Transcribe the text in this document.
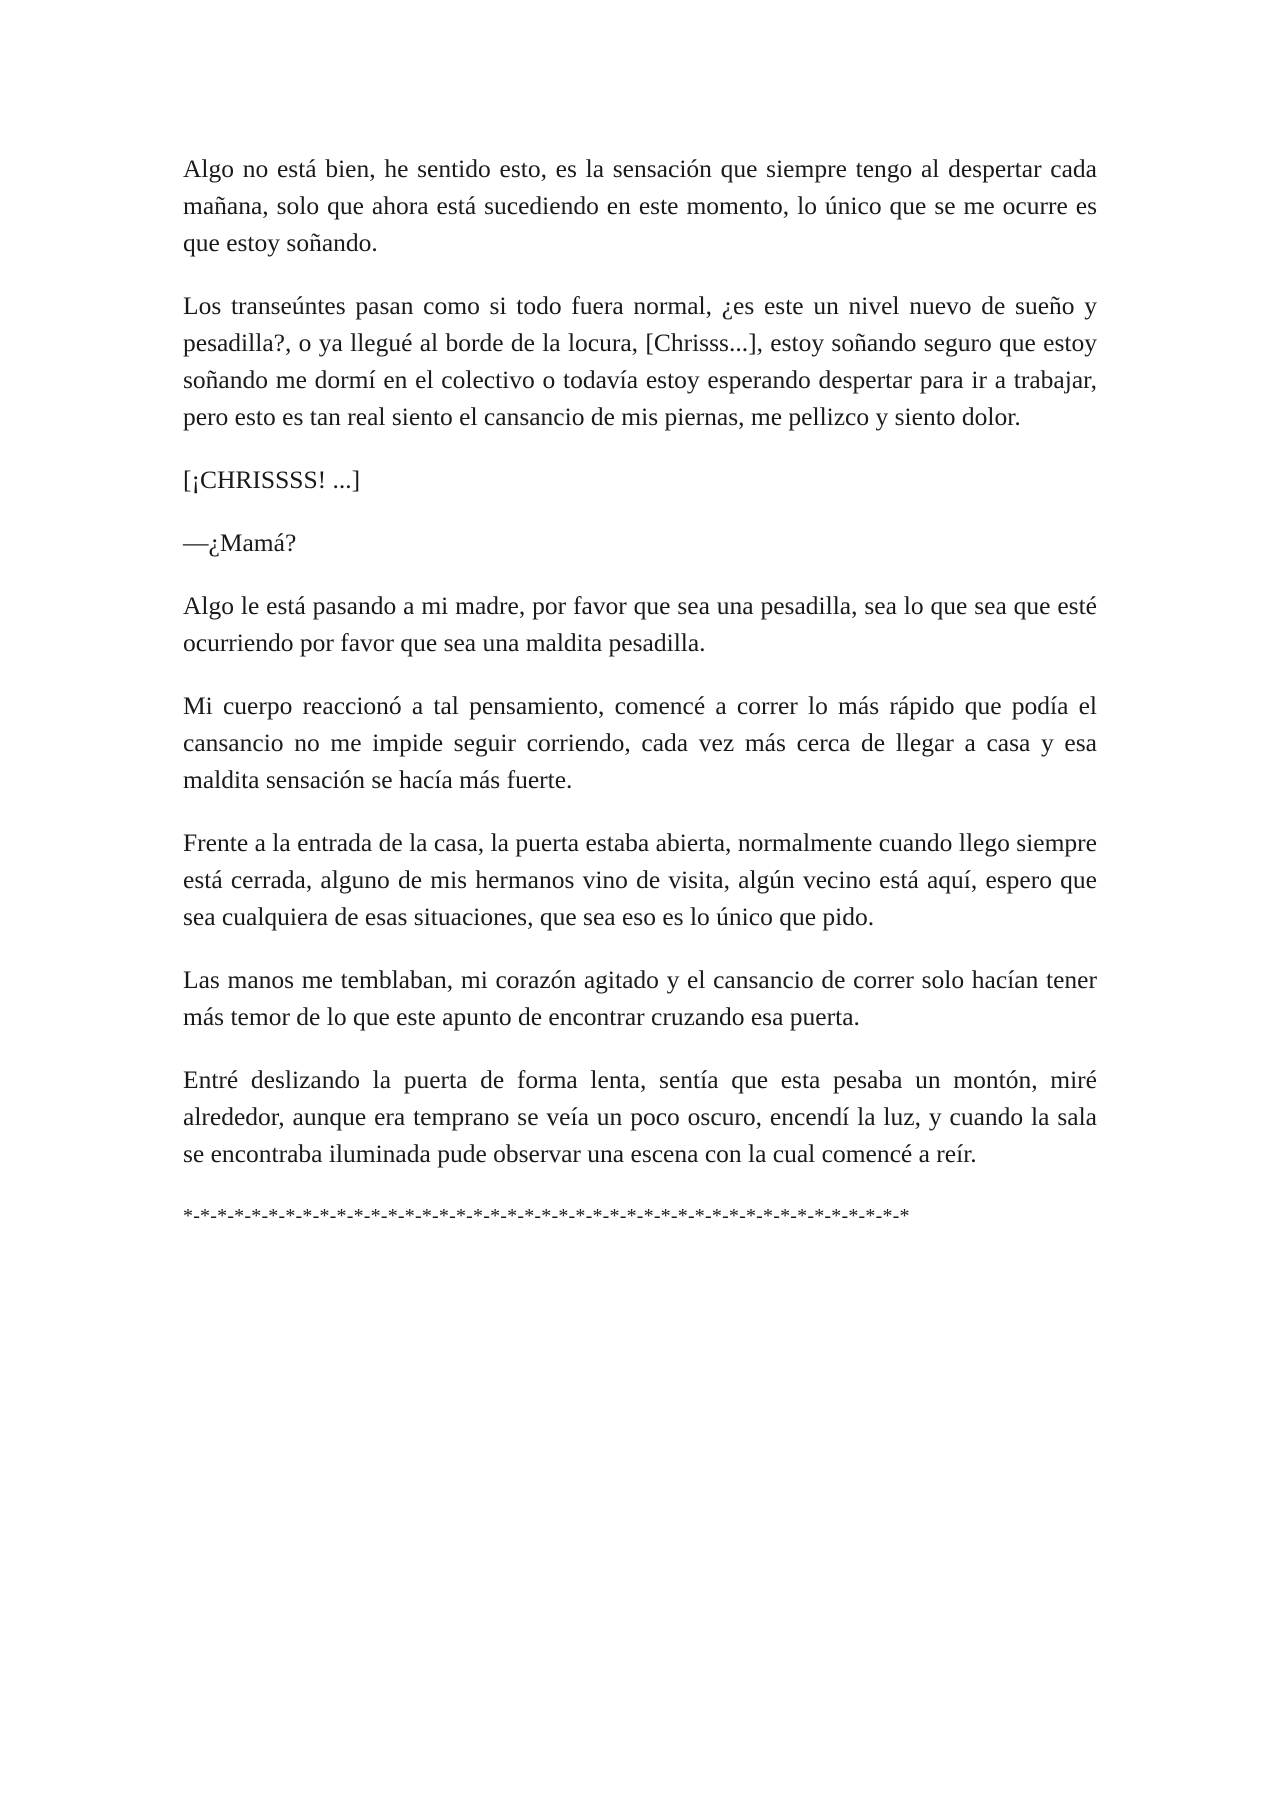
Algo no está bien, he sentido esto, es la sensación que siempre tengo al despertar cada mañana, solo que ahora está sucediendo en este momento, lo único que se me ocurre es que estoy soñando.

Los transeúntes pasan como si todo fuera normal, ¿es este un nivel nuevo de sueño y pesadilla?, o ya llegué al borde de la locura, [Chrisss...], estoy soñando seguro que estoy soñando me dormí en el colectivo o todavía estoy esperando despertar para ir a trabajar, pero esto es tan real siento el cansancio de mis piernas, me pellizco y siento dolor.

[¡CHRISSSS! ...]

—¿Mamá?

Algo le está pasando a mi madre, por favor que sea una pesadilla, sea lo que sea que esté ocurriendo por favor que sea una maldita pesadilla.

Mi cuerpo reaccionó a tal pensamiento, comencé a correr lo más rápido que podía el cansancio no me impide seguir corriendo, cada vez más cerca de llegar a casa y esa maldita sensación se hacía más fuerte.

Frente a la entrada de la casa, la puerta estaba abierta, normalmente cuando llego siempre está cerrada, alguno de mis hermanos vino de visita, algún vecino está aquí, espero que sea cualquiera de esas situaciones, que sea eso es lo único que pido.

Las manos me temblaban, mi corazón agitado y el cansancio de correr solo hacían tener más temor de lo que este apunto de encontrar cruzando esa puerta.

Entré deslizando la puerta de forma lenta, sentía que esta pesaba un montón, miré alrededor, aunque era temprano se veía un poco oscuro, encendí la luz, y cuando la sala se encontraba iluminada pude observar una escena con la cual comencé a reír.

*-*-*-*-*-*-*-*-*-*-*-*-*-*-*-*-*-*-*-*-*-*-*-*-*-*-*-*-*-*-*-*-*-*-*-*-*-*-*-*-*-*-*
